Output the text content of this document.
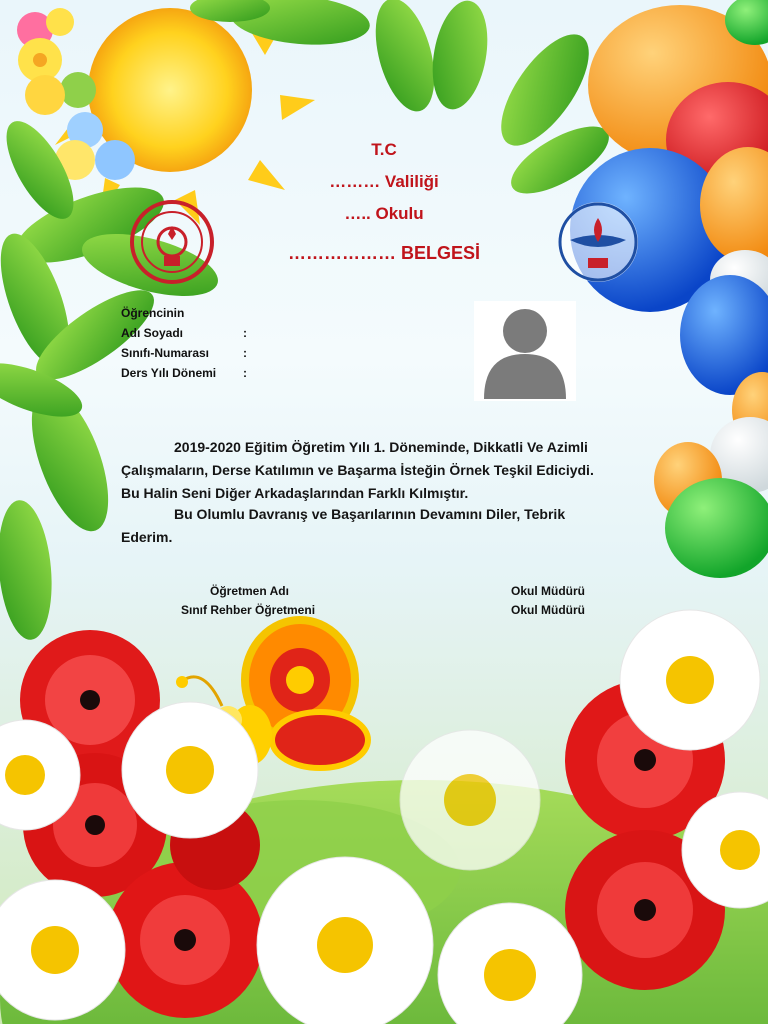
T.C
……… Valiliği
….. Okulu
……………… BELGESİ
Öğrencinin
Adı Soyadı	:
Sınıfı-Numarası	:
Ders Yılı Dönemi :
2019-2020 Eğitim Öğretim Yılı 1. Döneminde, Dikkatli Ve Azimli
Çalışmaların, Derse Katılımın ve Başarma İsteğin Örnek Teşkil Ediciydi.
Bu Halin Seni Diğer Arkadaşlarından Farklı Kılmıştır.
Bu Olumlu Davranış ve Başarılarının Devamını Diler, Tebrik
Ederim.
Öğretmen Adı
Sınıf Rehber Öğretmeni
Okul Müdürü
Okul Müdürü
